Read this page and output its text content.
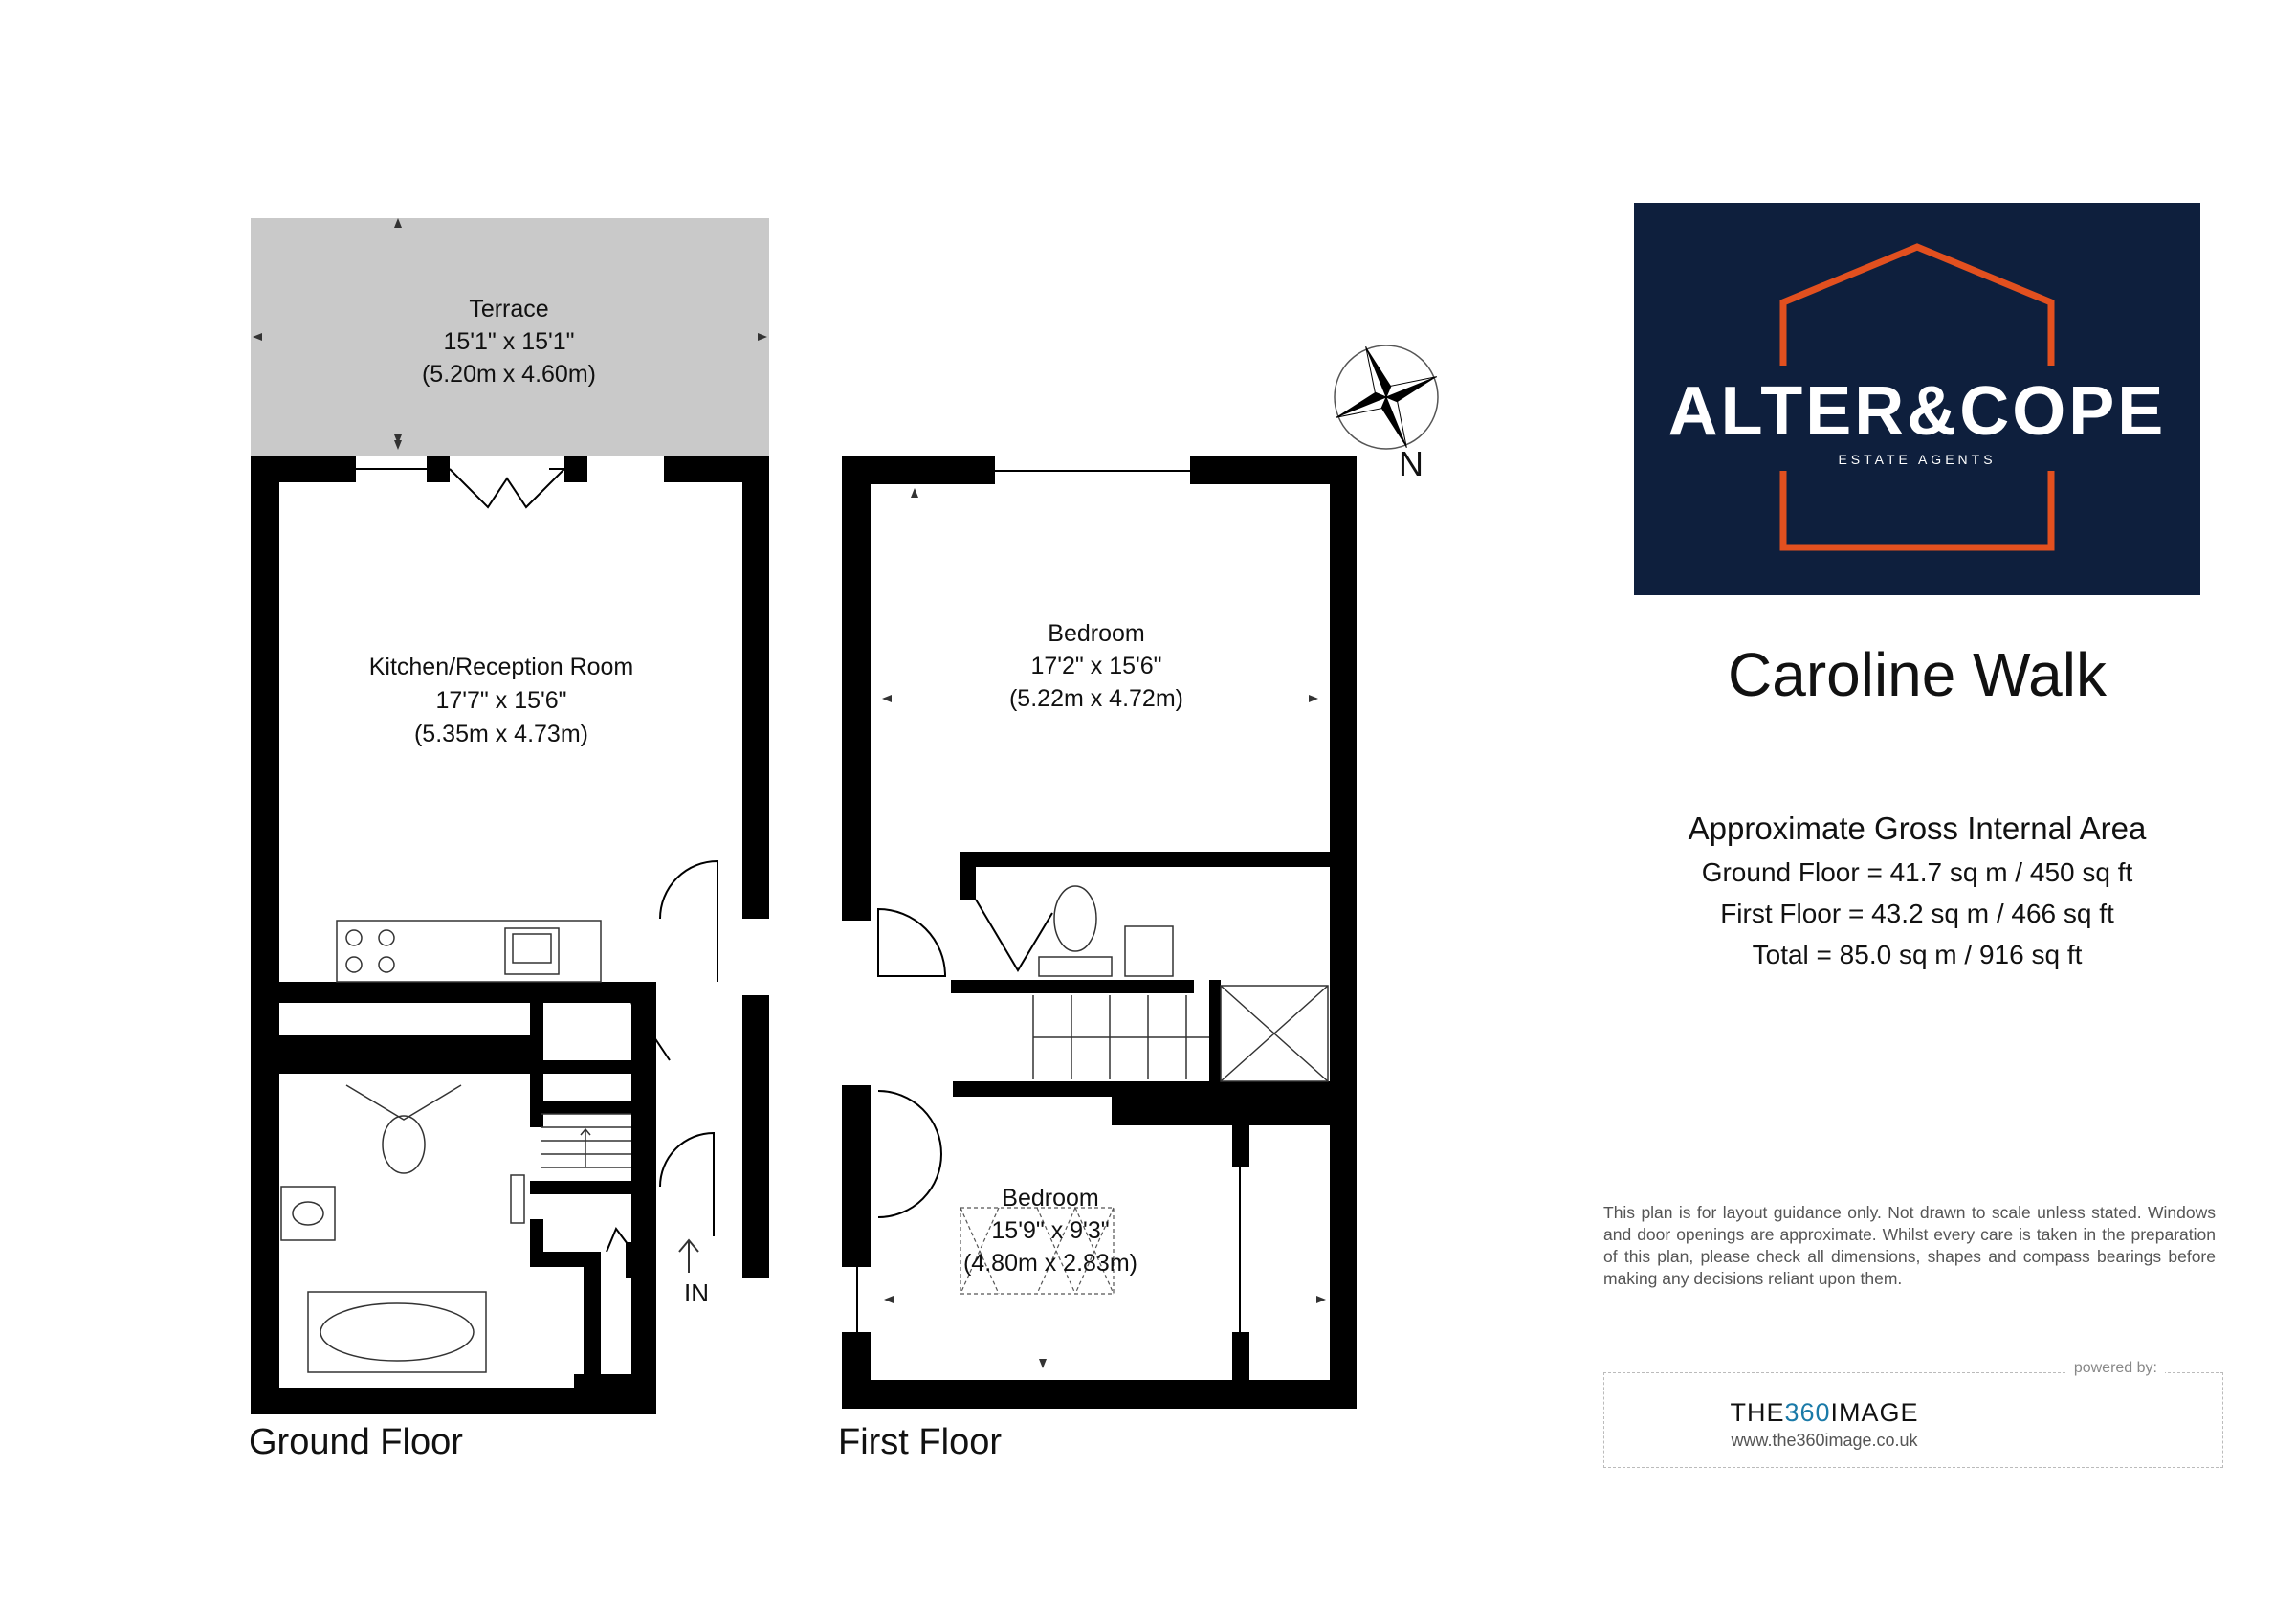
Terrace
15'1" x 15'1"
(5.20m x 4.60m)
IN
Kitchen/Reception Room
17'7" x 15'6"
(5.35m x 4.73m)
Bedroom
17'2" x 15'6"
(5.22m x 4.72m)
Bedroom
15'9" x 9'3"
(4.80m x 2.83m)
Ground Floor	First Floor
N
ALTER&COPE
ESTATE AGENTS
Caroline Walk
Approximate Gross Internal Area
Ground Floor = 41.7 sq m / 450 sq ft
First Floor = 43.2 sq m / 466 sq ft
Total = 85.0 sq m / 916 sq ft
This plan is for layout guidance only. Not drawn to scale unless stated. Windows and door openings are approximate. Whilst every care is taken in the preparation of this plan, please check all dimensions, shapes and compass bearings before making any decisions reliant upon them.
powered by:
THE360IMAGE
www.the360image.co.uk
